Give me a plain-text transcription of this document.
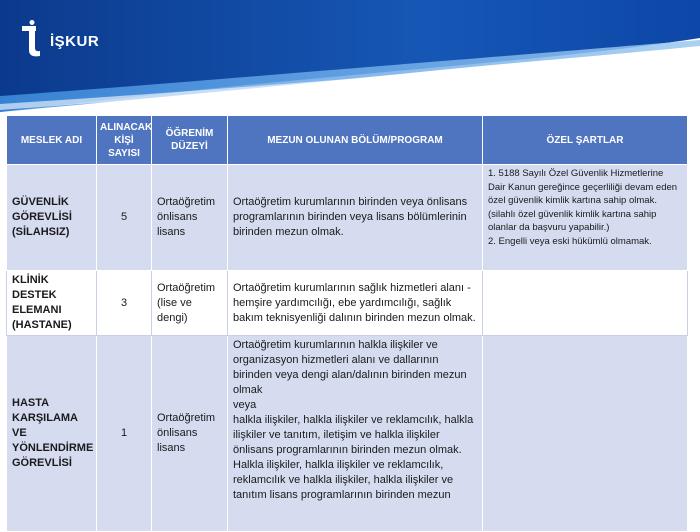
İŞKUR
MESLEK ADI	ALINACAK KİŞİ SAYISI	ÖĞRENİM DÜZEYİ	MEZUN OLUNAN BÖLÜM/PROGRAM	ÖZEL ŞARTLAR
GÜVENLİK GÖREVLİSİ (SİLAHSIZ)	5	Ortaöğretim önlisans lisans	Ortaöğretim kurumlarının birinden veya önlisans programlarının birinden veya lisans bölümlerinin birinden mezun olmak.	1. 5188 Sayılı Özel Güvenlik Hizmetlerine Dair Kanun gereğince geçerliliği devam eden özel güvenlik kimlik kartına sahip olmak. (silahlı özel güvenlik kimlik kartına sahip olanlar da başvuru yapabilir.)
2. Engelli veya eski hükümlü olmamak.

KLİNİK DESTEK ELEMANI (HASTANE)	3	Ortaöğretim (lise ve dengi)	Ortaöğretim kurumlarının sağlık hizmetleri alanı - hemşire yardımcılığı, ebe yardımcılığı, sağlık bakım teknisyenliği dalının birinden mezun olmak.	
HASTA KARŞILAMA VE YÖNLENDİRME GÖREVLİSİ	1	Ortaöğretim önlisans lisans	Ortaöğretim kurumlarının halkla ilişkiler ve organizasyon hizmetleri alanı ve dallarının birinden veya dengi alan/dalının birinden mezun olmak
veya
halkla ilişkiler, halkla ilişkiler ve reklamcılık, halkla ilişkiler ve tanıtım, iletişim ve halkla ilişkiler önlisans programlarının birinden mezun olmak.
Halkla ilişkiler, halkla ilişkiler ve reklamcılık, reklamcılık ve halkla ilişkiler, halkla ilişkiler ve tanıtım lisans programlarının birinden mezun	
